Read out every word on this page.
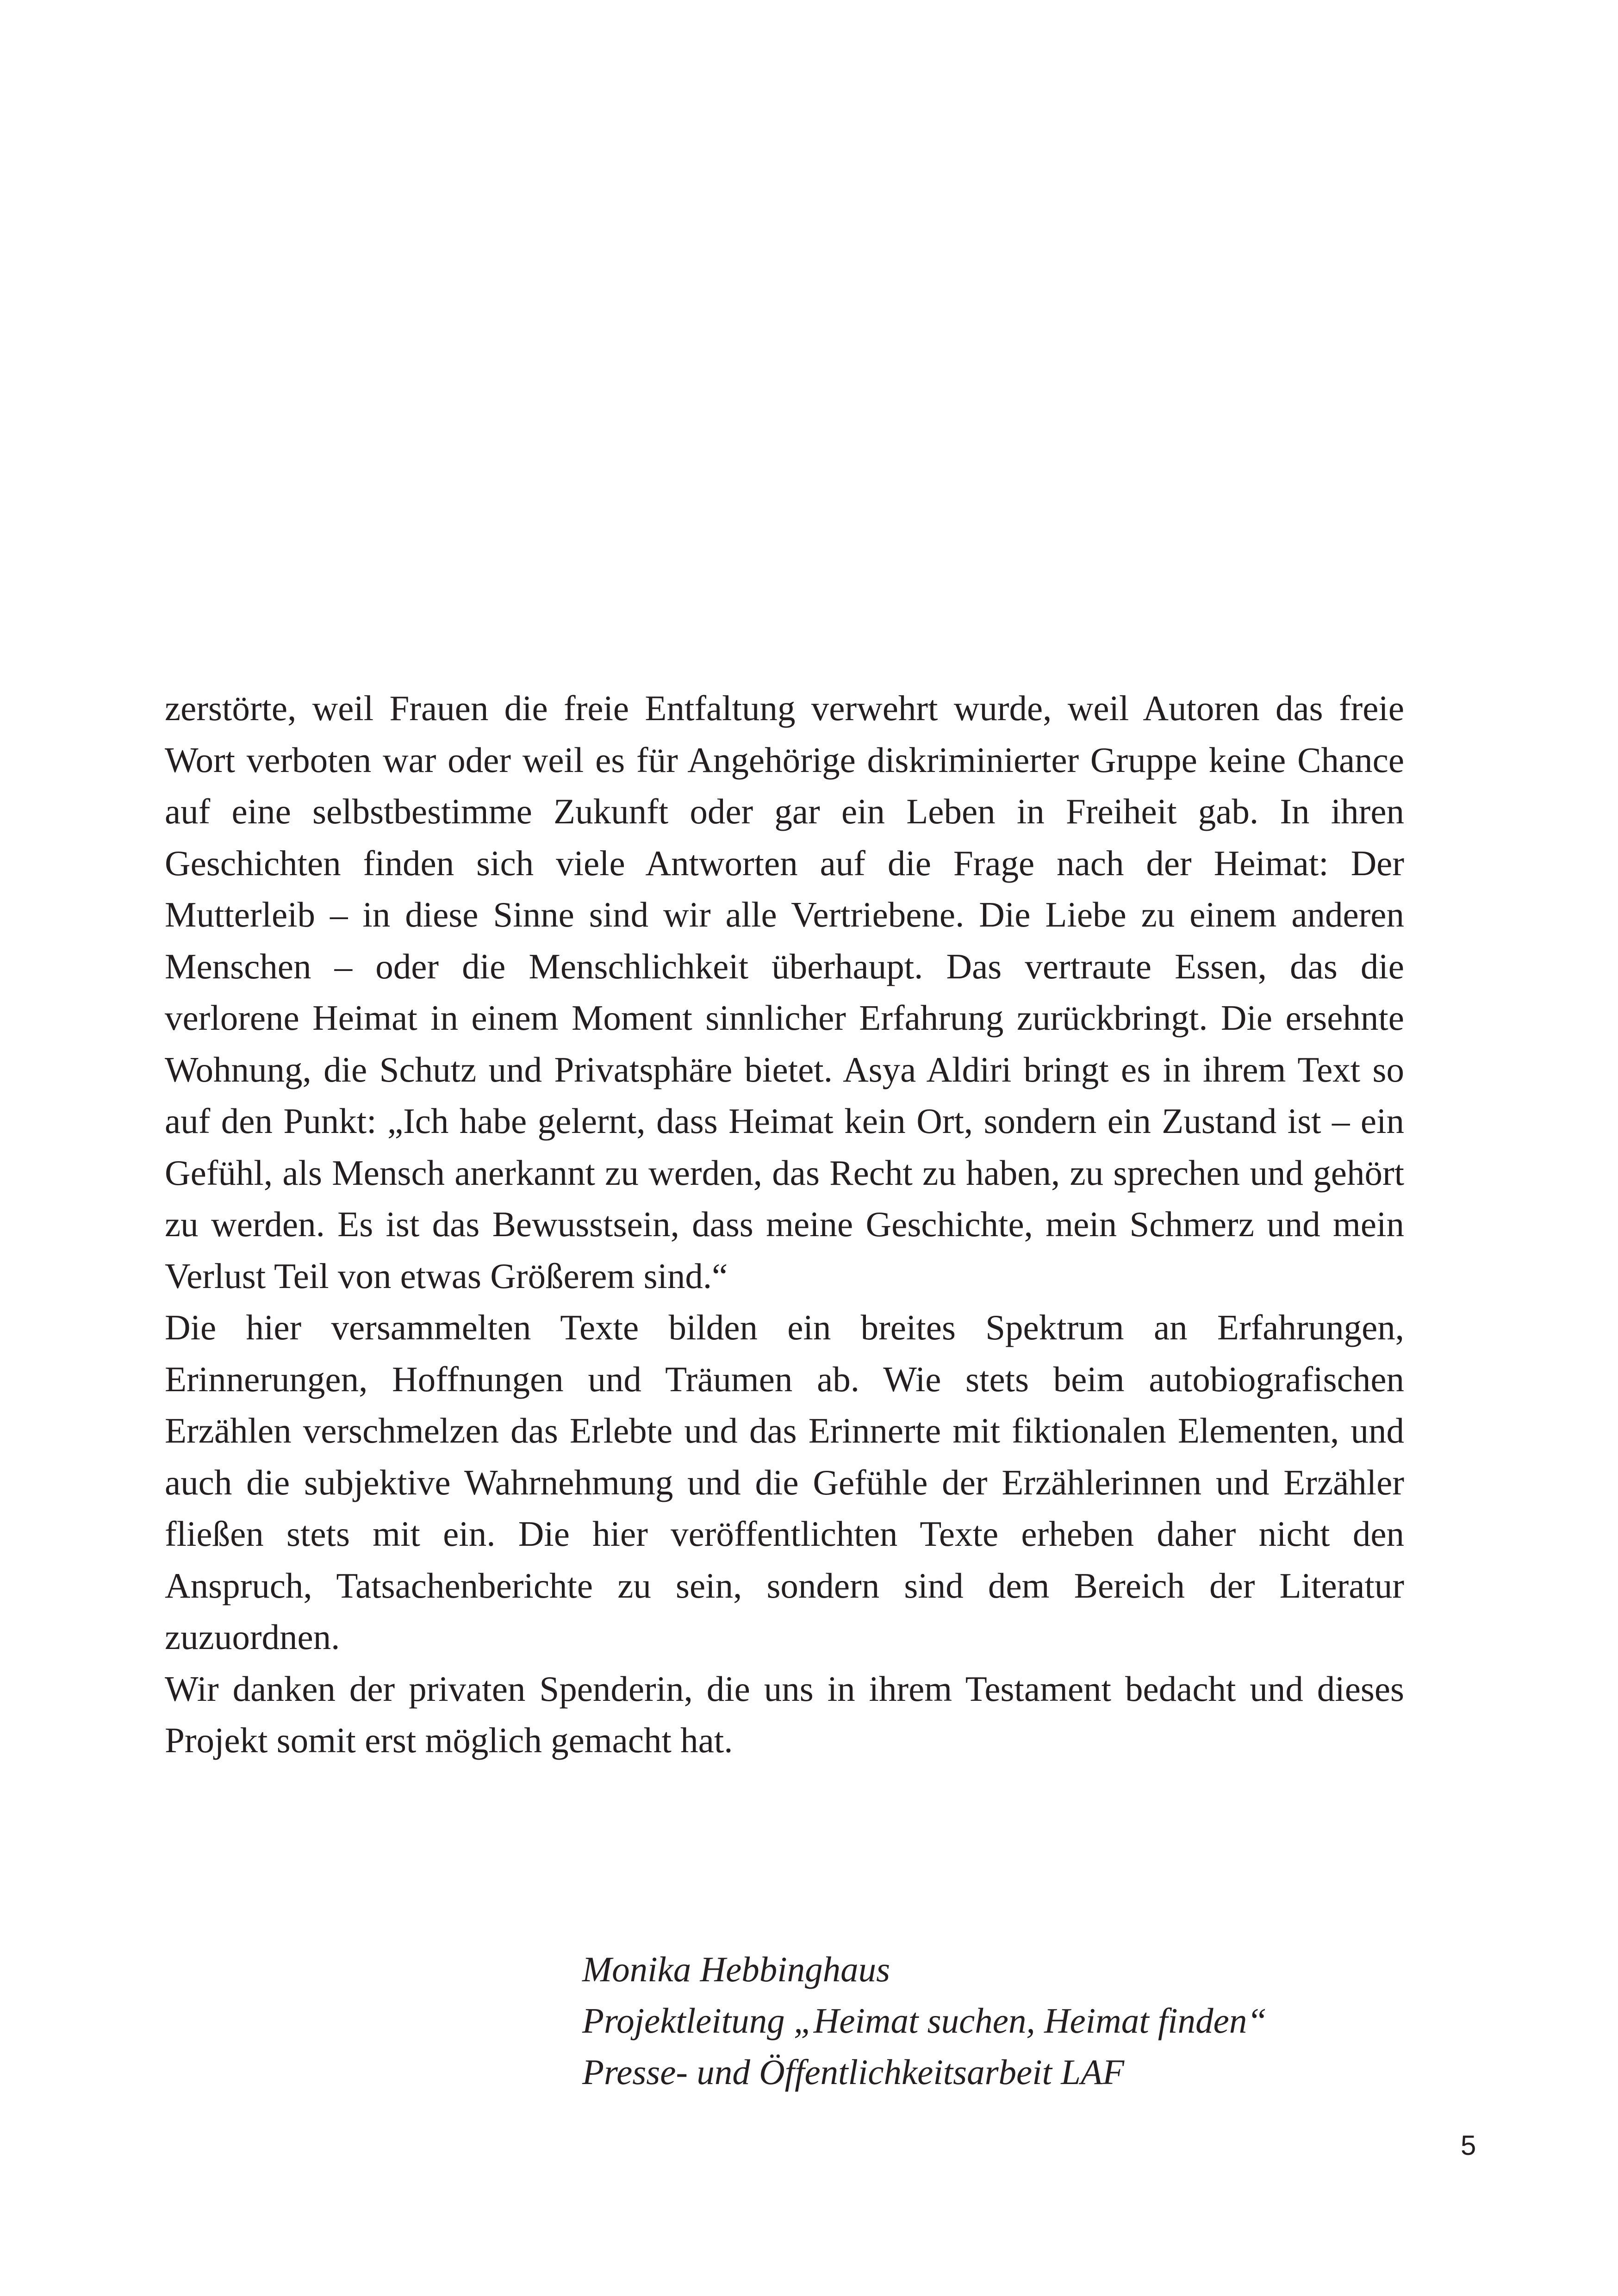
zerstörte, weil Frauen die freie Entfaltung verwehrt wurde, weil Autoren das freie Wort verboten war oder weil es für Angehörige diskriminierter Gruppe keine Chance auf eine selbstbestimme Zukunft oder gar ein Leben in Freiheit gab. In ihren Geschichten finden sich viele Antworten auf die Frage nach der Heimat: Der Mutterleib – in diese Sinne sind wir alle Vertriebene. Die Liebe zu einem anderen Menschen – oder die Menschlichkeit überhaupt. Das vertraute Essen, das die verlorene Heimat in einem Moment sinnlicher Erfahrung zurückbringt. Die ersehnte Wohnung, die Schutz und Privatsphäre bietet. Asya Aldiri bringt es in ihrem Text so auf den Punkt: „Ich habe gelernt, dass Heimat kein Ort, sondern ein Zustand ist – ein Gefühl, als Mensch anerkannt zu werden, das Recht zu haben, zu sprechen und gehört zu werden. Es ist das Bewusstsein, dass meine Geschichte, mein Schmerz und mein Verlust Teil von etwas Größerem sind.“

Die hier versammelten Texte bilden ein breites Spektrum an Erfahrungen, Erinnerungen, Hoffnungen und Träumen ab. Wie stets beim autobiografischen Erzählen verschmelzen das Erlebte und das Erinnerte mit fiktionalen Elementen, und auch die subjektive Wahrnehmung und die Gefühle der Erzählerinnen und Erzähler fließen stets mit ein. Die hier veröffentlichten Texte erheben daher nicht den Anspruch, Tatsachenberichte zu sein, sondern sind dem Bereich der Literatur zuzuordnen.

Wir danken der privaten Spenderin, die uns in ihrem Testament bedacht und dieses Projekt somit erst möglich gemacht hat.

Monika Hebbinghaus
Projektleitung „Heimat suchen, Heimat finden“
Presse- und Öffentlichkeitsarbeit LAF
5
